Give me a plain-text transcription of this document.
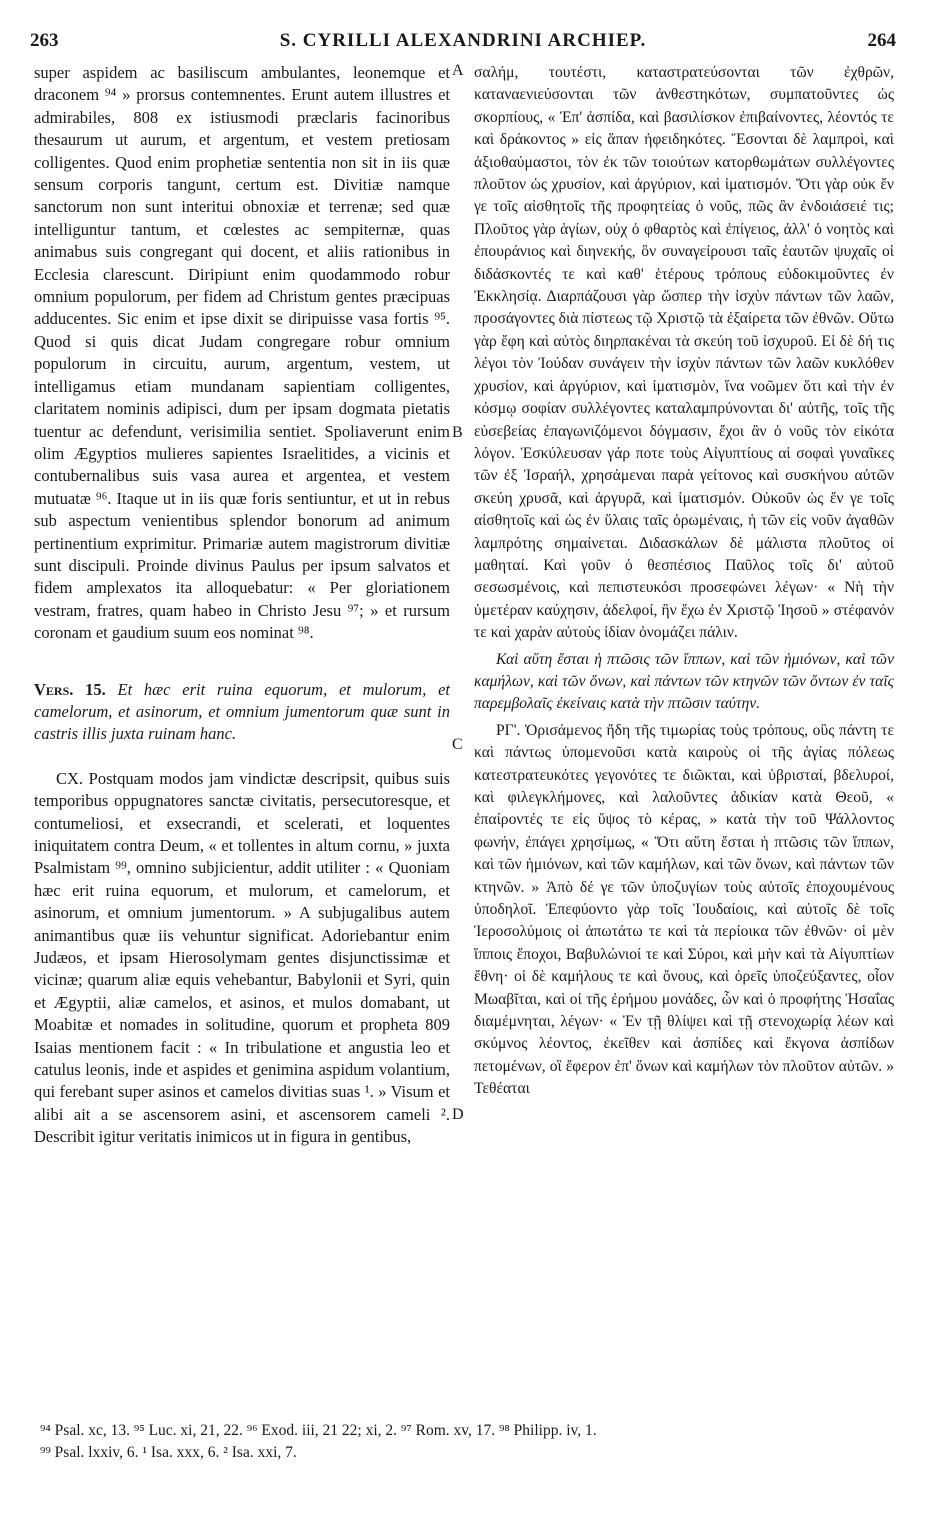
263	S. CYRILLI ALEXANDRINI ARCHIEP.	264

super aspidem ac basiliscum ambulantes, leonemque et draconem ⁹⁴ » prorsus contemnentes. Erunt autem illustres et admirabiles, 808 ex istiusmodi præclaris facinoribus thesaurum ut aurum, et argentum, et vestem pretiosam colligentes. Quod enim prophetiæ sententia non sit in iis quæ sensum corporis tangunt, certum est. Divitiæ namque sanctorum non sunt interitui obnoxiæ et terrenæ; sed quæ intelliguntur tantum, et cœlestes ac sempiternæ, quas animabus suis congregant qui docent, et aliis rationibus in Ecclesia clarescunt. Diripiunt enim quodammodo robur omnium populorum, per fidem ad Christum gentes præcipuas adducentes. Sic enim et ipse dixit se diripuisse vasa fortis ⁹⁵. Quod si quis dicat Judam congregare robur omnium populorum in circuitu, aurum, argentum, vestem, ut intelligamus etiam mundanam sapientiam colligentes, claritatem nominis adipisci, dum per ipsam dogmata pietatis tuentur ac defendunt, verisimilia sentiet. Spoliaverunt enim olim Ægyptios mulieres sapientes Israelitides, a vicinis et contubernalibus suis vasa aurea et argentea, et vestem mutuatæ ⁹⁶. Itaque ut in iis quæ foris sentiuntur, et ut in rebus sub aspectum venientibus splendor bonorum ad animum pertinentium exprimitur. Primariæ autem magistrorum divitiæ sunt discipuli. Proinde divinus Paulus per ipsum salvatos et fidem amplexatos ita alloquebatur: « Per gloriationem vestram, fratres, quam habeo in Christo Jesu ⁹⁷; » et rursum coronam et gaudium suum eos nominat ⁹⁸.

Vers. 15. Et hæc erit ruina equorum, et mulorum, et camelorum, et asinorum, et omnium jumentorum quæ sunt in castris illis juxta ruinam hanc.

CX. Postquam modos jam vindictæ descripsit, quibus suis temporibus oppugnatores sanctæ civitatis, persecutoresque, et contumeliosi, et exsecrandi, et scelerati, et loquentes iniquitatem contra Deum, « et tollentes in altum cornu, » juxta Psalmistam ⁹⁹, omnino subjicientur, addit utiliter : « Quoniam hæc erit ruina equorum, et mulorum, et camelorum, et asinorum, et omnium jumentorum. » A subjugalibus autem animantibus quæ iis vehuntur significat. Adoriebantur enim Judæos, et ipsam Hierosolymam gentes disjunctissimæ et vicinæ; quarum aliæ equis vehebantur, Babylonii et Syri, quin et Ægyptii, aliæ camelos, et asinos, et mulos domabant, ut Moabitæ et nomades in solitudine, quorum et propheta 809 Isaias mentionem facit : « In tribulatione et angustia leo et catulus leonis, inde et aspides et genimina aspidum volantium, qui ferebant super asinos et camelos divitias suas ¹. » Visum et alibi ait a se ascensorem asini, et ascensorem cameli ². Describit igitur veritatis inimicos ut in figura in gentibus,

A
B
C
D

σαλήμ, τουτέστι, καταστρατεύσονται τῶν ἐχθρῶν, καταναενιεύσονται τῶν ἀνθεστηκότων, συμπατοῦντες ὡς σκορπίους, « Ἐπ' ἀσπίδα, καὶ βασιλίσκον ἐπιβαίνοντες, λέοντός τε καὶ δράκοντος » εἰς ἅπαν ἠφειδηκότες. Ἔσονται δὲ λαμπροὶ, καὶ ἀξιοθαύμαστοι, τὸν ἐκ τῶν τοιούτων κατορθωμάτων συλλέγοντες πλοῦτον ὡς χρυσίον, καὶ ἀργύριον, καὶ ἱματισμόν. Ὅτι γὰρ οὐκ ἔν γε τοῖς αἰσθητοῖς τῆς προφητείας ὁ νοῦς, πῶς ἂν ἐνδοιάσειέ τις; Πλοῦτος γὰρ ἁγίων, οὐχ ὁ φθαρτὸς καὶ ἐπίγειος, ἀλλ' ὁ νοητὸς καὶ ἐπουράνιος καὶ διηνεκής, ὃν συναγείρουσι ταῖς ἑαυτῶν ψυχαῖς οἱ διδάσκοντές τε καὶ καθ' ἑτέρους τρόπους εὐδοκιμοῦντες ἐν Ἐκκλησίᾳ. Διαρπάζουσι γὰρ ὥσπερ τὴν ἰσχὺν πάντων τῶν λαῶν, προσάγοντες διὰ πίστεως τῷ Χριστῷ τὰ ἐξαίρετα τῶν ἐθνῶν. Οὕτω γὰρ ἔφη καὶ αὐτὸς διηρπακέναι τὰ σκεύη τοῦ ἰσχυροῦ. Εἰ δὲ δή τις λέγοι τὸν Ἰούδαν συνάγειν τὴν ἰσχὺν πάντων τῶν λαῶν κυκλόθεν χρυσίον, καὶ ἀργύριον, καὶ ἱματισμὸν, ἵνα νοῶμεν ὅτι καὶ τὴν ἐν κόσμῳ σοφίαν συλλέγοντες καταλαμπρύνονται δι' αὐτῆς, τοῖς τῆς εὐσεβείας ἐπαγωνιζόμενοι δόγμασιν, ἔχοι ἂν ὁ νοῦς τὸν εἰκότα λόγον. Ἐσκύλευσαν γάρ ποτε τοὺς Αἰγυπτίους αἱ σοφαὶ γυναῖκες τῶν ἐξ Ἰσραήλ, χρησάμεναι παρὰ γείτονος καὶ συσκήνου αὐτῶν σκεύη χρυσᾶ, καὶ ἀργυρᾶ, καὶ ἱματισμόν. Οὐκοῦν ὡς ἔν γε τοῖς αἰσθητοῖς καὶ ὡς ἐν ὕλαις ταῖς ὁρωμέναις, ἡ τῶν εἰς νοῦν ἀγαθῶν λαμπρότης σημαίνεται. Διδασκάλων δὲ μάλιστα πλοῦτος οἱ μαθηταί. Καὶ γοῦν ὁ θεσπέσιος Παῦλος τοῖς δι' αὐτοῦ σεσωσμένοις, καὶ πεπιστευκόσι προσεφώνει λέγων· « Νὴ τὴν ὑμετέραν καύχησιν, ἀδελφοί, ἣν ἔχω ἐν Χριστῷ Ἰησοῦ » στέφανόν τε καὶ χαρὰν αὐτοὺς ἰδίαν ὀνομάζει πάλιν.

Καὶ αὕτη ἔσται ἡ πτῶσις τῶν ἵππων, καὶ τῶν ἡμιόνων, καὶ τῶν καμήλων, καὶ τῶν ὄνων, καὶ πάντων τῶν κτηνῶν τῶν ὄντων ἐν ταῖς παρεμβολαῖς ἐκείναις κατὰ τὴν πτῶσιν ταύτην.

ΡΓ'. Ὁρισάμενος ἤδη τῆς τιμωρίας τοὺς τρόπους, οὓς πάντη τε καὶ πάντως ὑπομενοῦσι κατὰ καιροὺς οἱ τῆς ἁγίας πόλεως κατεστρατευκότες γεγονότες τε διῶκται, καὶ ὑβρισταί, βδελυροί, καὶ φιλεγκλήμονες, καὶ λαλοῦντες ἀδικίαν κατὰ Θεοῦ, « ἐπαίροντές τε εἰς ὕψος τὸ κέρας, » κατὰ τὴν τοῦ Ψάλλοντος φωνήν, ἐπάγει χρησίμως, « Ὅτι αὕτη ἔσται ἡ πτῶσις τῶν ἵππων, καὶ τῶν ἡμιόνων, καὶ τῶν καμήλων, καὶ τῶν ὄνων, καὶ πάντων τῶν κτηνῶν. » Ἀπὸ δέ γε τῶν ὑποζυγίων τοὺς αὐτοῖς ἐποχουμένους ὑποδηλοῖ. Ἐπεφύοντο γὰρ τοῖς Ἰουδαίοις, καὶ αὐτοῖς δὲ τοῖς Ἱεροσολύμοις οἱ ἀπωτάτω τε καὶ τὰ περίοικα τῶν ἐθνῶν· οἱ μὲν ἵπποις ἔποχοι, Βαβυλώνιοί τε καὶ Σύροι, καὶ μὴν καὶ τὰ Αἰγυπτίων ἔθνη· οἱ δὲ καμήλους τε καὶ ὄνους, καὶ ὀρεῖς ὑποζεύξαντες, οἷον Μωαβῖται, καὶ οἱ τῆς ἐρήμου μονάδες, ὧν καὶ ὁ προφήτης Ἡσαΐας διαμέμνηται, λέγων· « Ἐν τῇ θλίψει καὶ τῇ στενοχωρίᾳ λέων καὶ σκύμνος λέοντος, ἐκεῖθεν καὶ ἀσπίδες καὶ ἔκγονα ἀσπίδων πετομένων, οἳ ἔφερον ἐπ' ὄνων καὶ καμήλων τὸν πλοῦτον αὐτῶν. » Τεθέαται

⁹⁴ Psal. xc, 13. ⁹⁵ Luc. xi, 21, 22. ⁹⁶ Exod. iii, 21 22; xi, 2. ⁹⁷ Rom. xv, 17. ⁹⁸ Philipp. iv, 1.
⁹⁹ Psal. lxxiv, 6. ¹ Isa. xxx, 6. ² Isa. xxi, 7.
